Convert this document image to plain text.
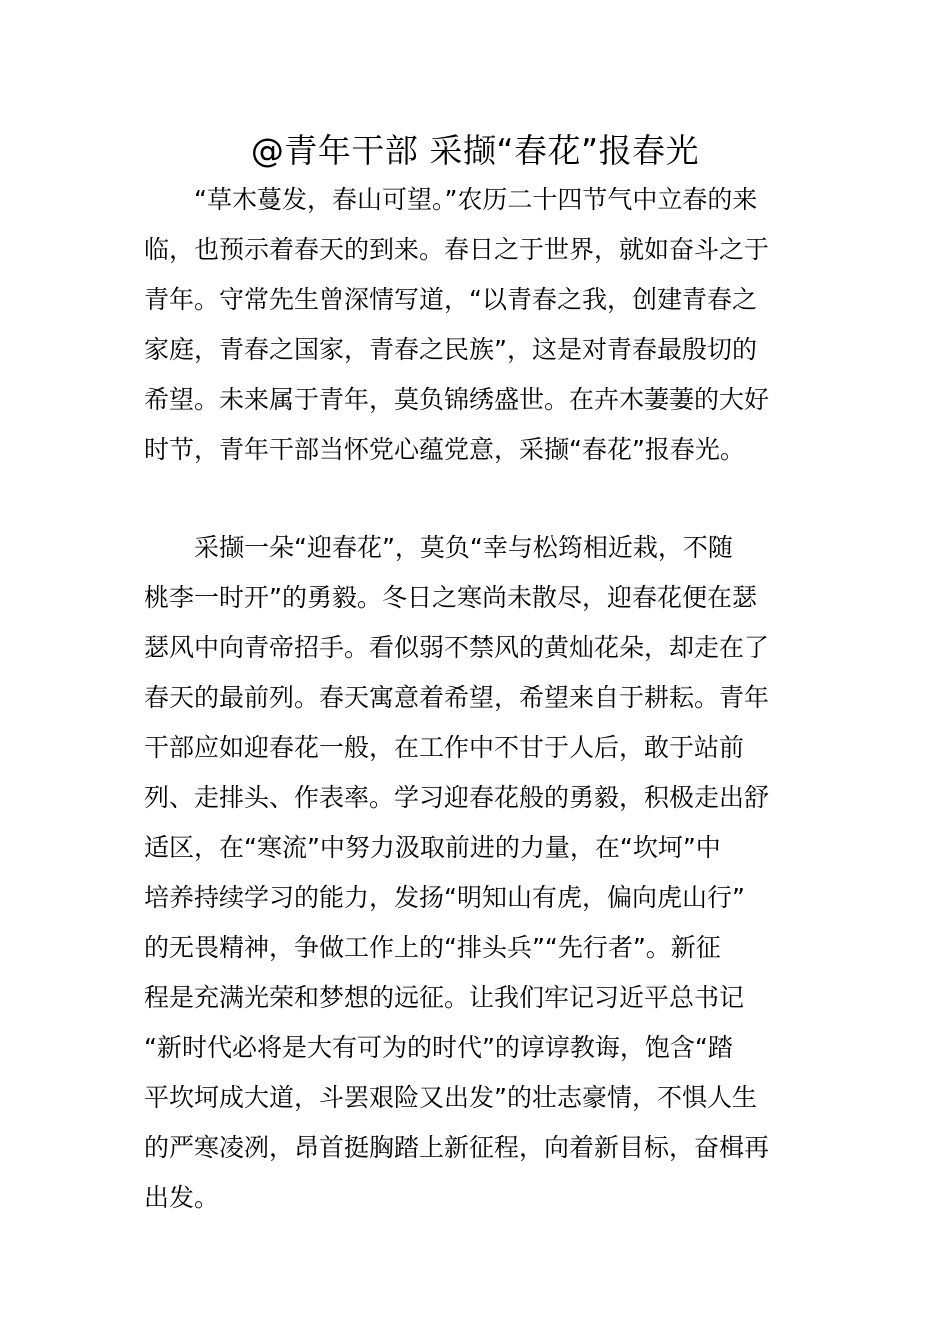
@青年干部 采撷“春花”报春光
“草木蔓发，春山可望。”农历二十四节气中立春的来
临，也预示着春天的到来。春日之于世界，就如奋斗之于
青年。守常先生曾深情写道，“以青春之我，创建青春之
家庭，青春之国家，青春之民族”，这是对青春最殷切的
希望。未来属于青年，莫负锦绣盛世。在卉木萋萋的大好
时节，青年干部当怀党心蕴党意，采撷“春花”报春光。
采撷一朵“迎春花”，莫负“幸与松筠相近栽，不随
桃李一时开”的勇毅。冬日之寒尚未散尽，迎春花便在瑟
瑟风中向青帝招手。看似弱不禁风的黄灿花朵，却走在了
春天的最前列。春天寓意着希望，希望来自于耕耘。青年
干部应如迎春花一般，在工作中不甘于人后，敢于站前
列、走排头、作表率。学习迎春花般的勇毅，积极走出舒
适区，在“寒流”中努力汲取前进的力量，在“坎坷”中
培养持续学习的能力，发扬“明知山有虎，偏向虎山行”
的无畏精神，争做工作上的“排头兵”“先行者”。新征
程是充满光荣和梦想的远征。让我们牢记习近平总书记
“新时代必将是大有可为的时代”的谆谆教诲，饱含“踏
平坎坷成大道，斗罢艰险又出发”的壮志豪情，不惧人生
的严寒凌冽，昂首挺胸踏上新征程，向着新目标，奋楫再
出发。
